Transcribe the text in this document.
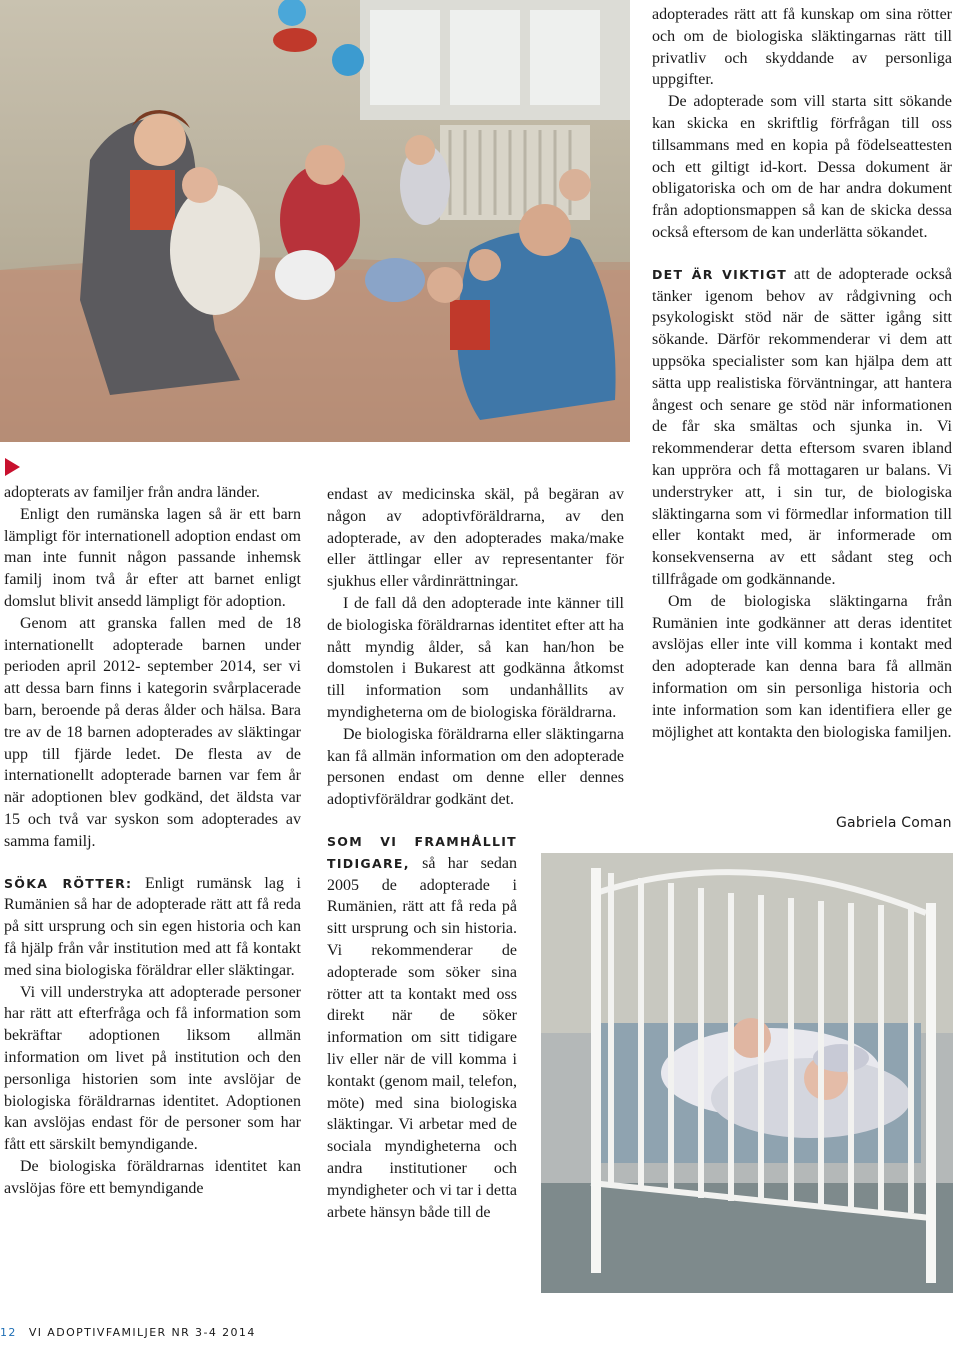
adopterades rätt att få kunskap om sina rötter och om de biologiska släktingarnas rätt till privatliv och skyddande av personliga uppgifter.

De adopterade som vill starta sitt sökande kan skicka en skriftlig förfrågan till oss tillsammans med en kopia på födelseattesten och ett giltigt id-kort. Dessa dokument är obligatoriska och om de har andra dokument från adoptionsmappen så kan de skicka dessa också eftersom de kan underlätta sökandet.

DET ÄR VIKTIGT att de adopterade också tänker igenom behov av rådgivning och psykologiskt stöd när de sätter igång sitt sökande. Därför rekommenderar vi dem att uppsöka specialister som kan hjälpa dem att sätta upp realistiska förväntningar, att hantera ångest och senare ge stöd när informationen de får ska smältas och sjunka in. Vi rekommenderar detta eftersom svaren ibland kan uppröra och få mottagaren ur balans. Vi understryker att, i sin tur, de biologiska släktingarna som vi förmedlar information till eller kontakt med, är informerade om konsekvenserna av ett sådant steg och tillfrågade om godkännande.

Om de biologiska släktingarna från Rumänien inte godkänner att deras identitet avslöjas eller inte vill komma i kontakt med den adopterade kan denna bara få allmän information om sin personliga historia och inte information som kan identifiera eller ge möjlighet att kontakta den biologiska familjen.

Gabriela Coman

adopterats av familjer från andra länder.

Enligt den rumänska lagen så är ett barn lämpligt för internationell adoption endast om man inte funnit någon passande inhemsk familj inom två år efter att barnet enligt domslut blivit ansedd lämpligt för adoption.

Genom att granska fallen med de 18 internationellt adopterade barnen under perioden april 2012- september 2014, ser vi att dessa barn finns i kategorin svårplacerade barn, beroende på deras ålder och hälsa. Bara tre av de 18 barnen adopterades av släktingar upp till fjärde ledet. De flesta av de internationellt adopterade barnen var fem år när adoptionen blev godkänd, det äldsta var 15 och två var syskon som adopterades av samma familj.

SÖKA RÖTTER: Enligt rumänsk lag i Rumänien så har de adopterade rätt att få reda på sitt ursprung och sin egen historia och kan få hjälp från vår institution med att få kontakt med sina biologiska föräldrar eller släktingar.

Vi vill understryka att adopterade personer har rätt att efterfråga och få information som bekräftar adoptionen liksom allmän information om livet på institution och den personliga historien som inte avslöjar de biologiska föräldrarnas identitet. Adoptionen kan avslöjas endast för de personer som har fått ett särskilt bemyndigande.

De biologiska föräldrarnas identitet kan avslöjas före ett bemyndigande

endast av medicinska skäl, på begäran av någon av adoptivföräldrarna, av den adopterade, av den adopterades maka/make eller ättlingar eller av representanter för sjukhus eller vårdinrättningar.

I de fall då den adopterade inte känner till de biologiska föräldrarnas identitet efter att ha nått myndig ålder, så kan han/hon be domstolen i Bukarest att godkänna åtkomst till information som undanhållits av myndigheterna om de biologiska föräldrarna.

De biologiska föräldrarna eller släktingarna kan få allmän information om den adopterade personen endast om denne eller dennes adoptivföräldrar godkänt det.

SOM VI FRAMHÅLLIT TIDIGARE, så har sedan 2005 de adopterade i Rumänien, rätt att få reda på sitt ursprung och sin historia. Vi rekommenderar de adopterade som söker sina rötter att ta kontakt med oss direkt när de söker information om sitt tidigare liv eller när de vill komma i kontakt (genom mail, telefon, möte) med sina biologiska släktingar. Vi arbetar med de sociala myndigheterna och andra institutioner och myndigheter och vi tar i detta arbete hänsyn både till de

12 VI ADOPTIVFAMILJER NR 3-4 2014
